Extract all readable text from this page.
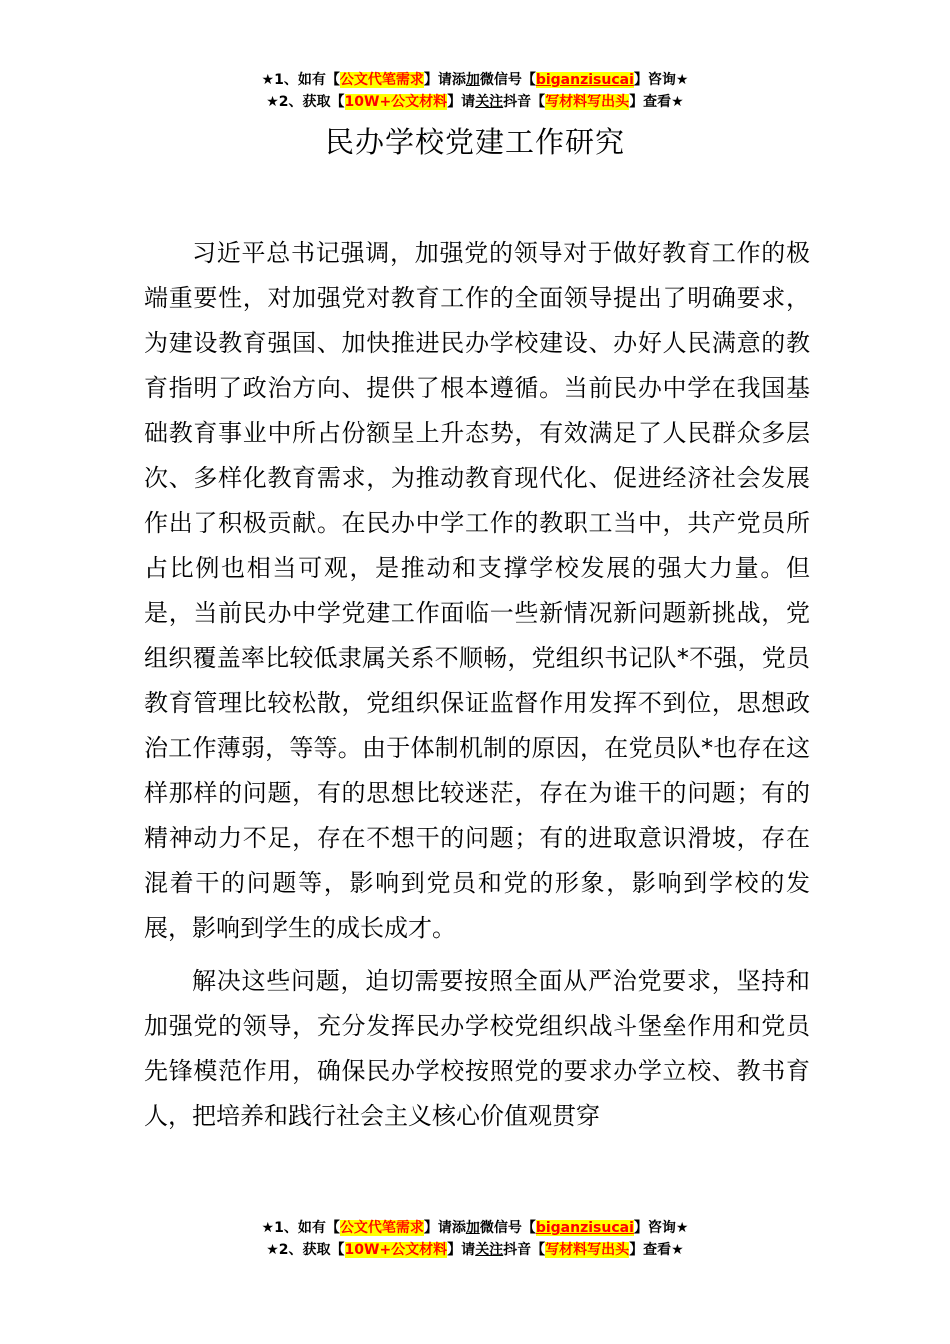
★1、如有【公文代笔需求】请添加微信号【biganzisucai】咨询★
★2、获取【10W+公文材料】请关注抖音【写材料写出头】查看★
民办学校党建工作研究

习近平总书记强调，加强党的领导对于做好教育工作的极端重要性，对加强党对教育工作的全面领导提出了明确要求，为建设教育强国、加快推进民办学校建设、办好人民满意的教育指明了政治方向、提供了根本遵循。当前民办中学在我国基础教育事业中所占份额呈上升态势，有效满足了人民群众多层次、多样化教育需求，为推动教育现代化、促进经济社会发展作出了积极贡献。在民办中学工作的教职工当中，共产党员所占比例也相当可观，是推动和支撑学校发展的强大力量。但是，当前民办中学党建工作面临一些新情况新问题新挑战，党组织覆盖率比较低隶属关系不顺畅，党组织书记队*不强，党员教育管理比较松散，党组织保证监督作用发挥不到位，思想政治工作薄弱，等等。由于体制机制的原因，在党员队*也存在这样那样的问题，有的思想比较迷茫，存在为谁干的问题；有的精神动力不足，存在不想干的问题；有的进取意识滑坡，存在混着干的问题等，影响到党员和党的形象，影响到学校的发展，影响到学生的成长成才。

解决这些问题，迫切需要按照全面从严治党要求，坚持和加强党的领导，充分发挥民办学校党组织战斗堡垒作用和党员先锋模范作用，确保民办学校按照党的要求办学立校、教书育人，把培养和践行社会主义核心价值观贯穿

★1、如有【公文代笔需求】请添加微信号【biganzisucai】咨询★
★2、获取【10W+公文材料】请关注抖音【写材料写出头】查看★
